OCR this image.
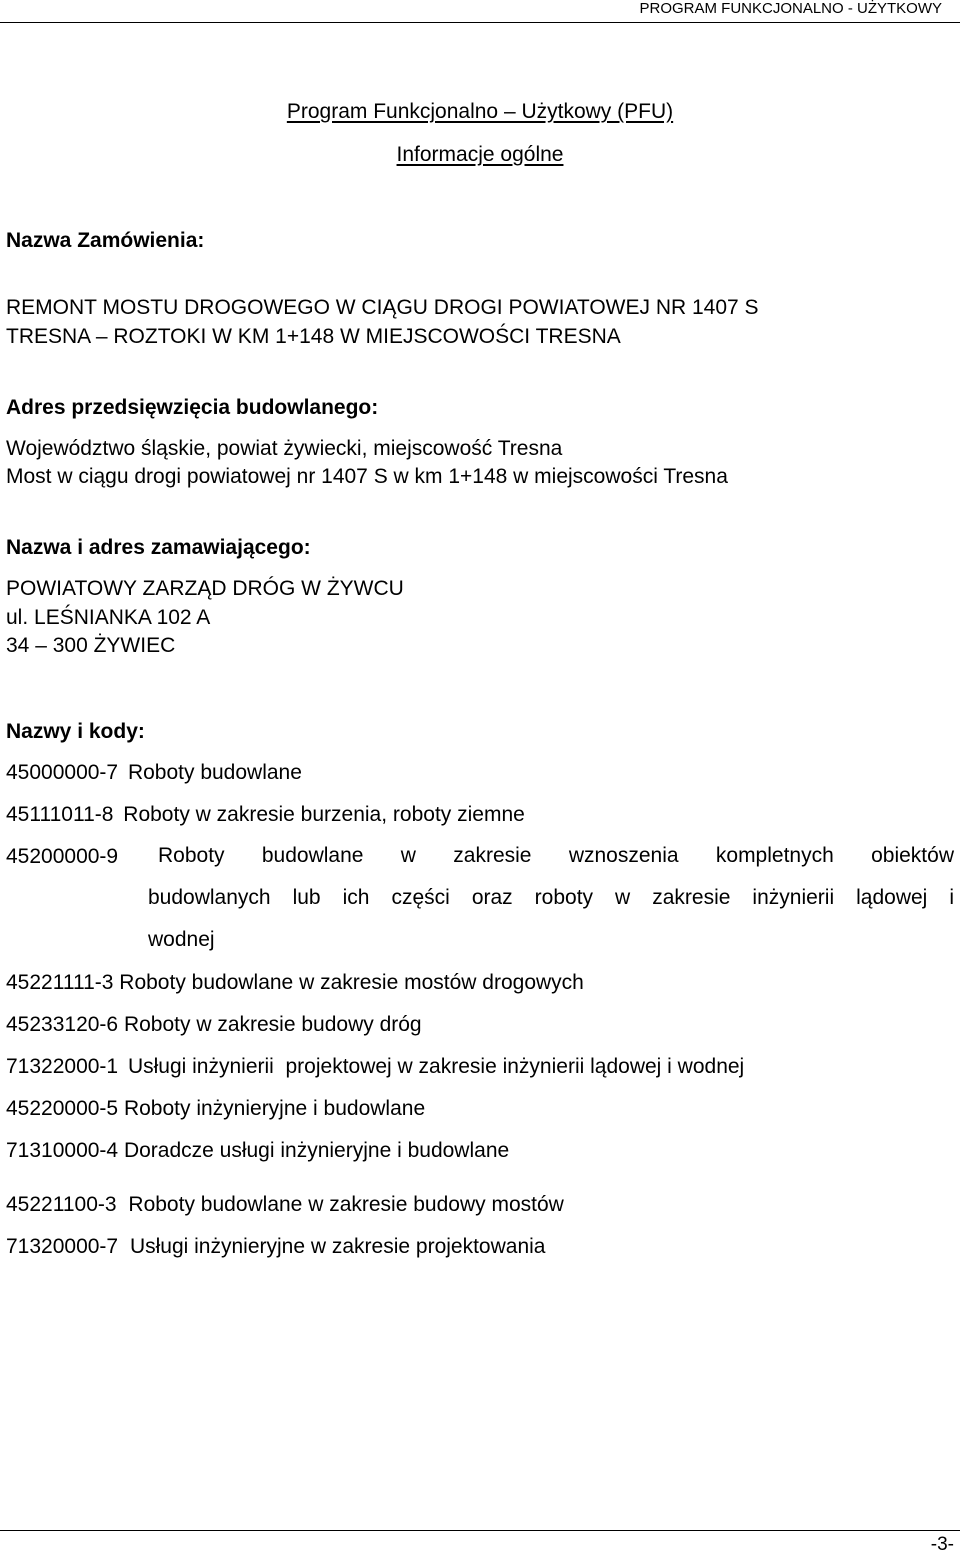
PROGRAM FUNKCJONALNO - UŻYTKOWY
Program Funkcjonalno – Użytkowy (PFU)
Informacje ogólne
Nazwa Zamówienia:
REMONT MOSTU DROGOWEGO W CIĄGU DROGI POWIATOWEJ NR 1407 S
TRESNA – ROZTOKI W KM 1+148 W MIEJSCOWOŚCI TRESNA
Adres przedsięwzięcia budowlanego:
Województwo śląskie, powiat żywiecki, miejscowość Tresna
Most w ciągu drogi powiatowej nr 1407 S w km 1+148 w miejscowości Tresna
Nazwa i adres zamawiającego:
POWIATOWY ZARZĄD DRÓG W ŻYWCU
ul. LEŚNIANKA 102 A
34 – 300 ŻYWIEC
Nazwy i kody:
45000000-7 Roboty budowlane
45111011-8 Roboty w zakresie burzenia, roboty ziemne
45200000-9 Roboty budowlane w zakresie wznoszenia kompletnych obiektów
budowlanych lub ich części oraz roboty w zakresie inżynierii lądowej i
wodnej
45221111-3 Roboty budowlane w zakresie mostów drogowych
45233120-6 Roboty w zakresie budowy dróg
71322000-1 Usługi inżynierii  projektowej w zakresie inżynierii lądowej i wodnej
45220000-5 Roboty inżynieryjne i budowlane
71310000-4 Doradcze usługi inżynieryjne i budowlane
45221100-3 Roboty budowlane w zakresie budowy mostów
71320000-7 Usługi inżynieryjne w zakresie projektowania
-3-
